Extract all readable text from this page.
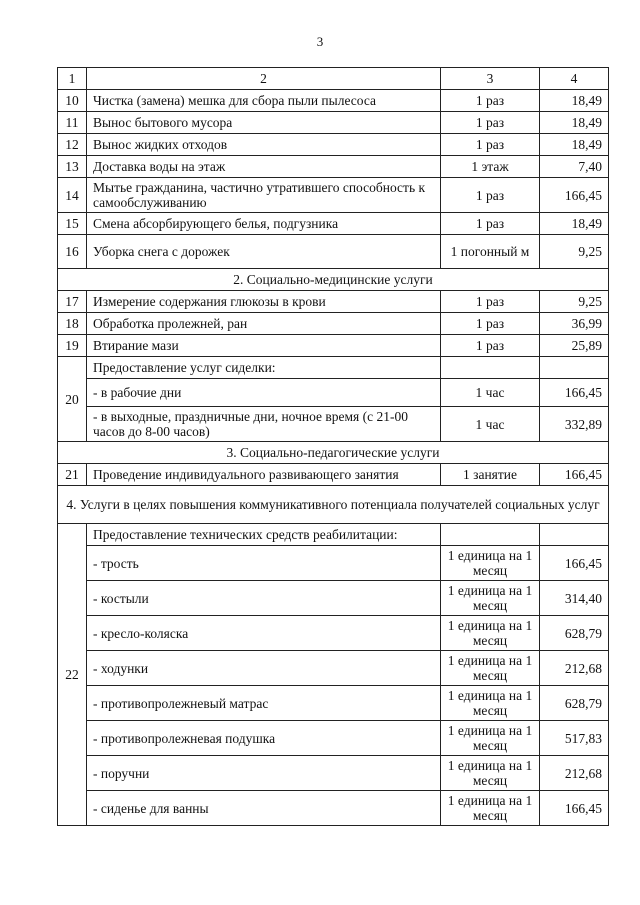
3
1	2	3	4
10	Чистка (замена) мешка для сбора пыли пылесоса	1 раз	18,49
11	Вынос бытового мусора	1 раз	18,49
12	Вынос жидких отходов	1 раз	18,49
13	Доставка воды на этаж	1 этаж	7,40
14	Мытье гражданина, частично утратившего способность к самообслуживанию	1 раз	166,45
15	Смена абсорбирующего белья, подгузника	1 раз	18,49
16	Уборка снега с дорожек	1 погонный м	9,25
2. Социально-медицинские услуги			
17	Измерение содержания глюкозы в крови	1 раз	9,25
18	Обработка пролежней, ран	1 раз	36,99
19	Втирание мази	1 раз	25,89
20	Предоставление услуг сиделки:		
	- в рабочие дни	1 час	166,45
	- в выходные, праздничные дни, ночное время (с 21-00 часов до 8-00 часов)	1 час	332,89
3. Социально-педагогические услуги			
21	Проведение индивидуального развивающего занятия	1 занятие	166,45
4. Услуги в целях повышения коммуникативного потенциала получателей социальных услуг			
22	Предоставление технических средств реабилитации:		
	- трость	1 единица на 1 месяц	166,45
	- костыли	1 единица на 1 месяц	314,40
	- кресло-коляска	1 единица на 1 месяц	628,79
	- ходунки	1 единица на 1 месяц	212,68
	- противопролежневый матрас	1 единица на 1 месяц	628,79
	- противопролежневая подушка	1 единица на 1 месяц	517,83
	- поручни	1 единица на 1 месяц	212,68
	- сиденье для ванны	1 единица на 1 месяц	166,45
